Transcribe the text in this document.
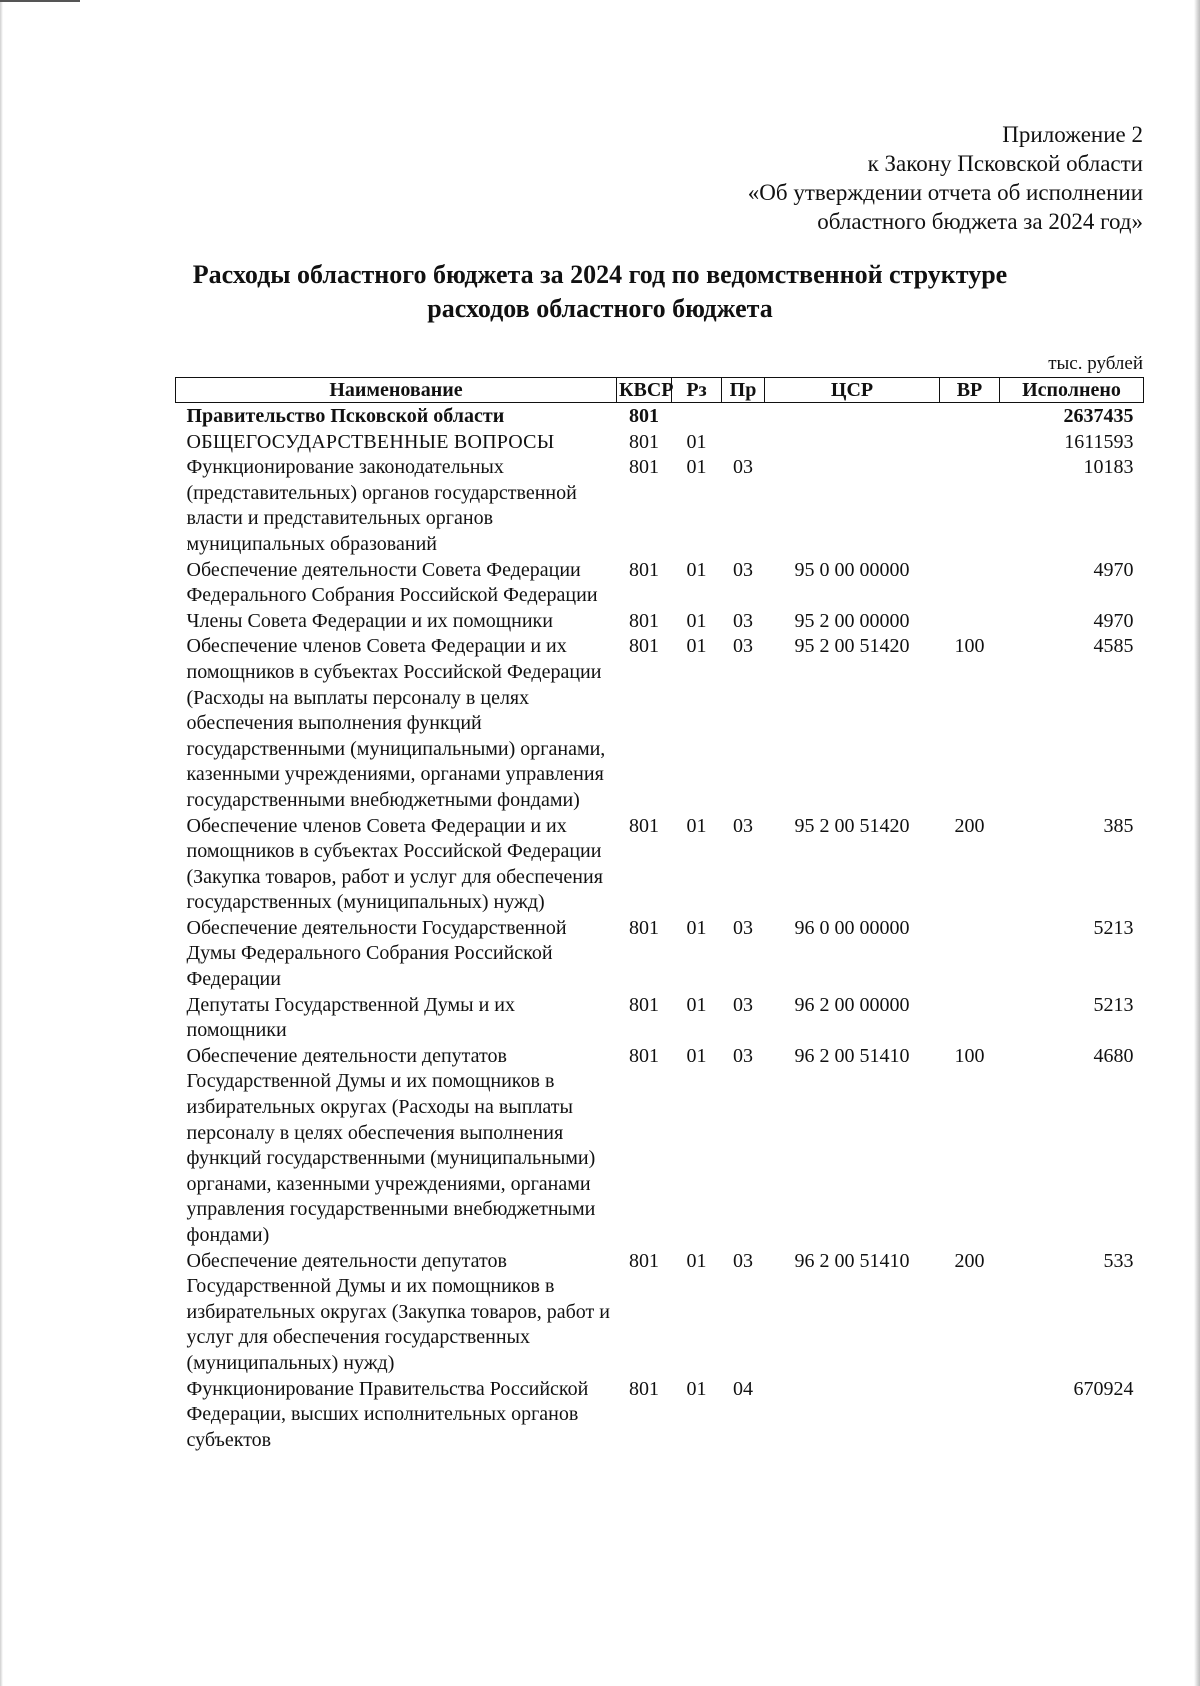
Приложение 2
к Закону Псковской области
«Об утверждении отчета об исполнении
областного бюджета за 2024 год»
Расходы областного бюджета за 2024 год по ведомственной структуре
расходов областного бюджета
тыс. рублей
Наименование	КВСР	Рз	Пр	ЦСР	ВР	Исполнено
Правительство Псковской области	801					2637435
ОБЩЕГОСУДАРСТВЕННЫЕ ВОПРОСЫ	801	01				1611593
Функционирование законодательных (представительных) органов государственной власти и представительных органов муниципальных образований	801	01	03			10183
Обеспечение деятельности Совета Федерации Федерального Собрания Российской Федерации	801	01	03	95 0 00 00000		4970
Члены Совета Федерации и их помощники	801	01	03	95 2 00 00000		4970
Обеспечение членов Совета Федерации и их помощников в субъектах Российской Федерации (Расходы на выплаты персоналу в целях обеспечения выполнения функций государственными (муниципальными) органами, казенными учреждениями, органами управления государственными внебюджетными фондами)	801	01	03	95 2 00 51420	100	4585
Обеспечение членов Совета Федерации и их помощников в субъектах Российской Федерации (Закупка товаров, работ и услуг для обеспечения государственных (муниципальных) нужд)	801	01	03	95 2 00 51420	200	385
Обеспечение деятельности Государственной Думы Федерального Собрания Российской Федерации	801	01	03	96 0 00 00000		5213
Депутаты Государственной Думы и их помощники	801	01	03	96 2 00 00000		5213
Обеспечение деятельности депутатов Государственной Думы и их помощников в избирательных округах (Расходы на выплаты персоналу в целях обеспечения выполнения функций государственными (муниципальными) органами, казенными учреждениями, органами управления государственными внебюджетными фондами)	801	01	03	96 2 00 51410	100	4680
Обеспечение деятельности депутатов Государственной Думы и их помощников в избирательных округах (Закупка товаров, работ и услуг для обеспечения государственных (муниципальных) нужд)	801	01	03	96 2 00 51410	200	533
Функционирование Правительства Российской Федерации, высших исполнительных органов субъектов	801	01	04			670924
